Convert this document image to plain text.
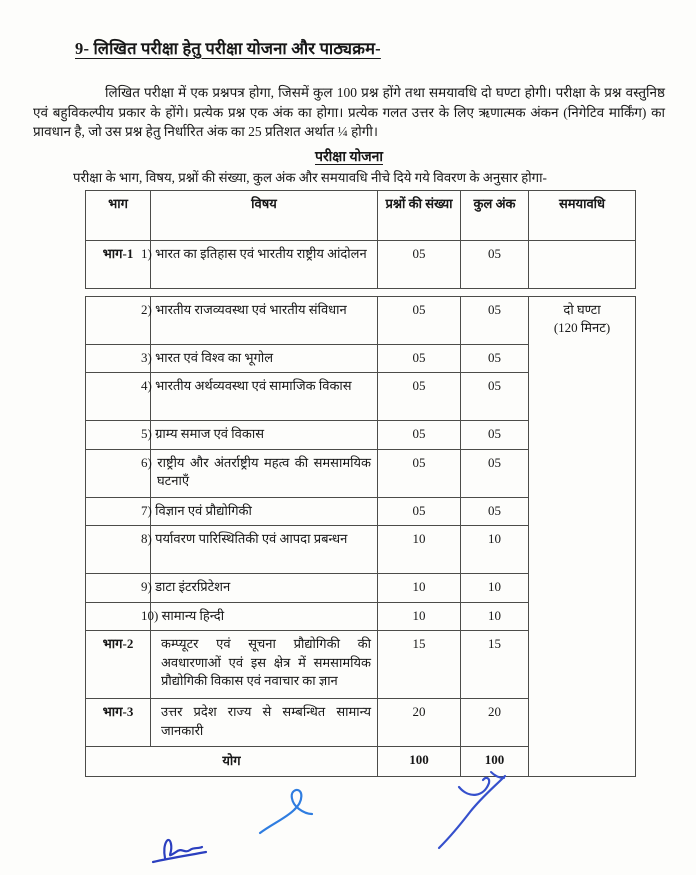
9- लिखित परीक्षा हेतु परीक्षा योजना और पाठ्यक्रम-

लिखित परीक्षा में एक प्रश्नपत्र होगा, जिसमें कुल 100 प्रश्न होंगे तथा समयावधि दो घण्टा होगी। परीक्षा के प्रश्न वस्तुनिष्ठ एवं बहुविकल्पीय प्रकार के होंगे। प्रत्येक प्रश्न एक अंक का होगा। प्रत्येक गलत उत्तर के लिए ऋणात्मक अंकन (निगेटिव मार्किंग) का प्रावधान है, जो उस प्रश्न हेतु निर्धारित अंक का 25 प्रतिशत अर्थात ¼ होगी।

परीक्षा योजना

परीक्षा के भाग, विषय, प्रश्नों की संख्या, कुल अंक और समयावधि नीचे दिये गये विवरण के अनुसार होगा-

भाग	विषय	प्रश्नों की संख्या	कुल अंक	समयावधि
भाग-1	1) भारत का इतिहास एवं भारतीय राष्ट्रीय आंदोलन	05	05	
	2) भारतीय राजव्यवस्था एवं भारतीय संविधान	05	05	दो घण्टा
(120 मिनट)

	3) भारत एवं विश्व का भूगोल	05	05	
	4) भारतीय अर्थव्यवस्था एवं सामाजिक विकास	05	05	
	5) ग्राम्य समाज एवं विकास	05	05	
	6) राष्ट्रीय और अंतर्राष्ट्रीय महत्व की समसामयिक घटनाएँ	05	05	
	7) विज्ञान एवं प्रौद्योगिकी	05	05	
	8) पर्यावरण पारिस्थितिकी एवं आपदा प्रबन्धन	10	10	
	9) डाटा इंटरप्रिटेशन	10	10	
	10) सामान्य हिन्दी	10	10	
भाग-2	कम्प्यूटर एवं सूचना प्रौद्योगिकी की अवधारणाओं एवं इस क्षेत्र में समसामयिक प्रौद्योगिकी विकास एवं नवाचार का ज्ञान	15	15	
भाग-3	उत्तर प्रदेश राज्य से सम्बन्धित सामान्य जानकारी	20	20	
योग		100	100	
